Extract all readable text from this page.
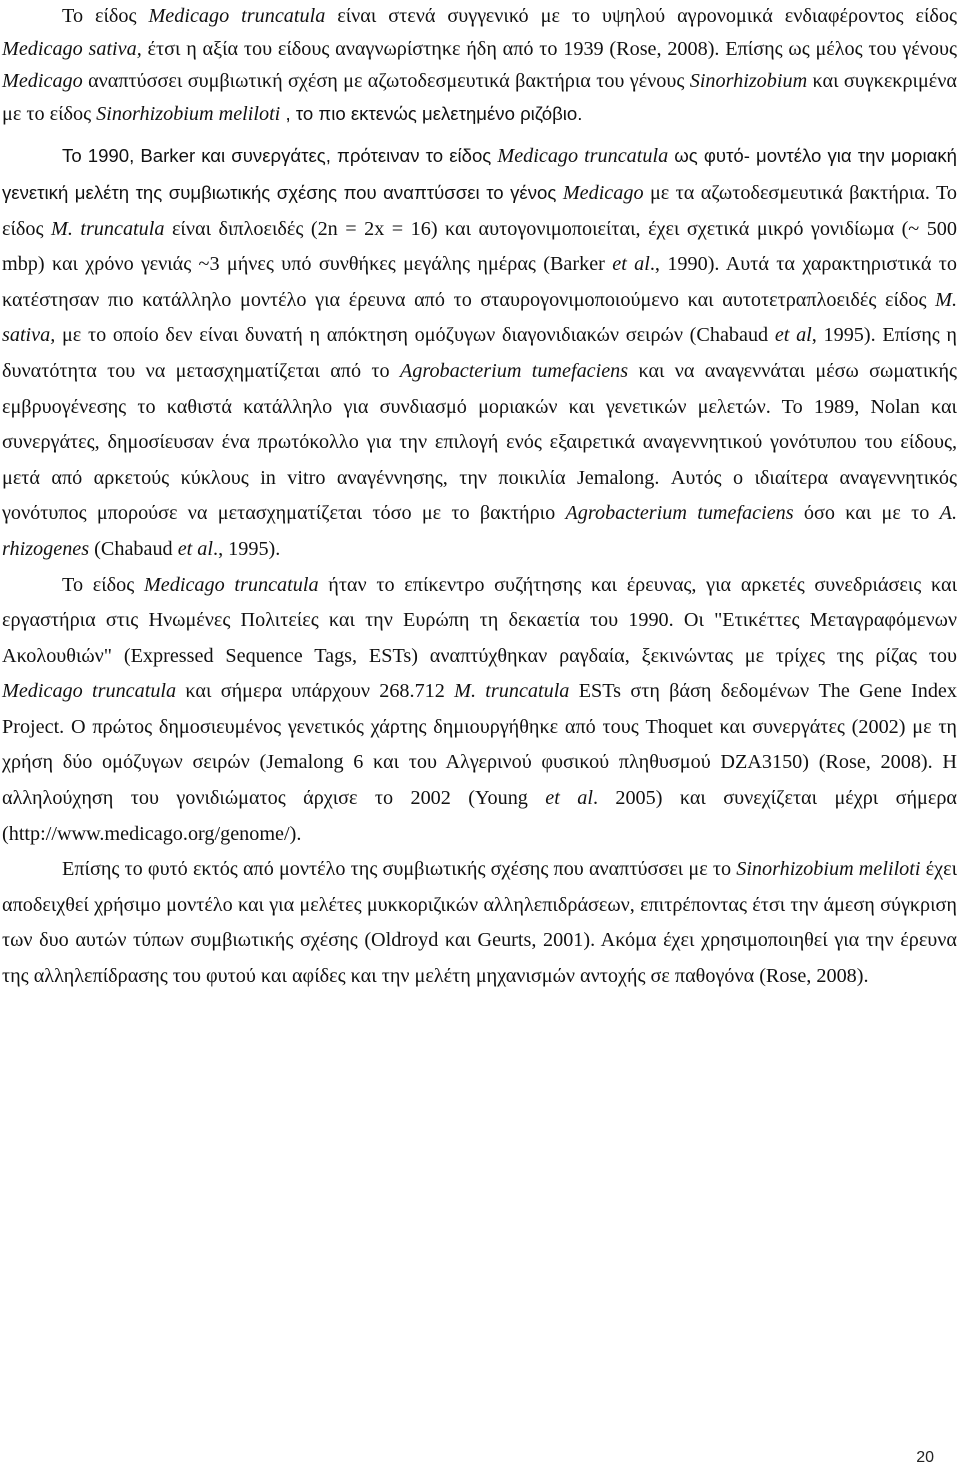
Το είδος Medicago truncatula είναι στενά συγγενικό με το υψηλού αγρονομικά ενδιαφέροντος είδος Medicago sativa, έτσι η αξία του είδους αναγνωρίστηκε ήδη από το 1939 (Rose, 2008). Επίσης ως μέλος του γένους Medicago αναπτύσσει συμβιωτική σχέση με αζωτοδεσμευτικά βακτήρια του γένους Sinorhizobium και συγκεκριμένα με το είδος Sinorhizobium meliloti , το πιο εκτενώς μελετημένο ριζόβιο.

Το 1990, Barker και συνεργάτες, πρότειναν το είδος Medicago truncatula ως φυτό- μοντέλο για την μοριακή γενετική μελέτη της συμβιωτικής σχέσης που αναπτύσσει το γένος Medicago με τα αζωτοδεσμευτικά βακτήρια. Το είδος M. truncatula είναι διπλοειδές (2n = 2x = 16) και αυτογονιμοποιείται, έχει σχετικά μικρό γονιδίωμα (~ 500 mbp) και χρόνο γενιάς ~3 μήνες υπό συνθήκες μεγάλης ημέρας (Barker et al., 1990). Αυτά τα χαρακτηριστικά το κατέστησαν πιο κατάλληλο μοντέλο για έρευνα από το σταυρογονιμοποιούμενο και αυτοτετραπλοειδές είδος M. sativa, με το οποίο δεν είναι δυνατή η απόκτηση ομόζυγων διαγονιδιακών σειρών (Chabaud et al, 1995). Επίσης η δυνατότητα του να μετασχηματίζεται από το Agrobacterium tumefaciens και να αναγεννάται μέσω σωματικής εμβρυογένεσης το καθιστά κατάλληλο για συνδιασμό μοριακών και γενετικών μελετών. Το 1989, Nolan και συνεργάτες, δημοσίευσαν ένα πρωτόκολλο για την επιλογή ενός εξαιρετικά αναγεννητικού γονότυπου του είδους, μετά από αρκετούς κύκλους in vitro αναγέννησης, την ποικιλία Jemalong. Αυτός ο ιδιαίτερα αναγεννητικός γονότυπος μπορούσε να μετασχηματίζεται τόσο με το βακτήριο Agrobacterium tumefaciens όσο και με το A. rhizogenes (Chabaud et al., 1995).

Το είδος Medicago truncatula ήταν το επίκεντρο συζήτησης και έρευνας, για αρκετές συνεδριάσεις και εργαστήρια στις Ηνωμένες Πολιτείες και την Ευρώπη τη δεκαετία του 1990. Οι "Ετικέττες Μεταγραφόμενων Ακολουθιών" (Expressed Sequence Tags, ESTs) αναπτύχθηκαν ραγδαία, ξεκινώντας με τρίχες της ρίζας του Medicago truncatula και σήμερα υπάρχουν 268.712 M. truncatula ESTs στη βάση δεδομένων The Gene Index Project. Ο πρώτος δημοσιευμένος γενετικός χάρτης δημιουργήθηκε από τους Thoquet και συνεργάτες (2002) με τη χρήση δύο ομόζυγων σειρών (Jemalong 6 και του Αλγερινού φυσικού πληθυσμού DZA3150) (Rose, 2008). Η αλληλούχηση του γονιδιώματος άρχισε το 2002 (Young et al. 2005) και συνεχίζεται μέχρι σήμερα (http://www.medicago.org/genome/).

Επίσης το φυτό εκτός από μοντέλο της συμβιωτικής σχέσης που αναπτύσσει με το Sinorhizobium meliloti έχει αποδειχθεί χρήσιμο μοντέλο και για μελέτες μυκκοριζικών αλληλεπιδράσεων, επιτρέποντας έτσι την άμεση σύγκριση των δυο αυτών τύπων συμβιωτικής σχέσης (Oldroyd και Geurts, 2001). Ακόμα έχει χρησιμοποιηθεί για την έρευνα της αλληλεπίδρασης του φυτού και αφίδες και την μελέτη μηχανισμών αντοχής σε παθογόνα (Rose, 2008).

20
